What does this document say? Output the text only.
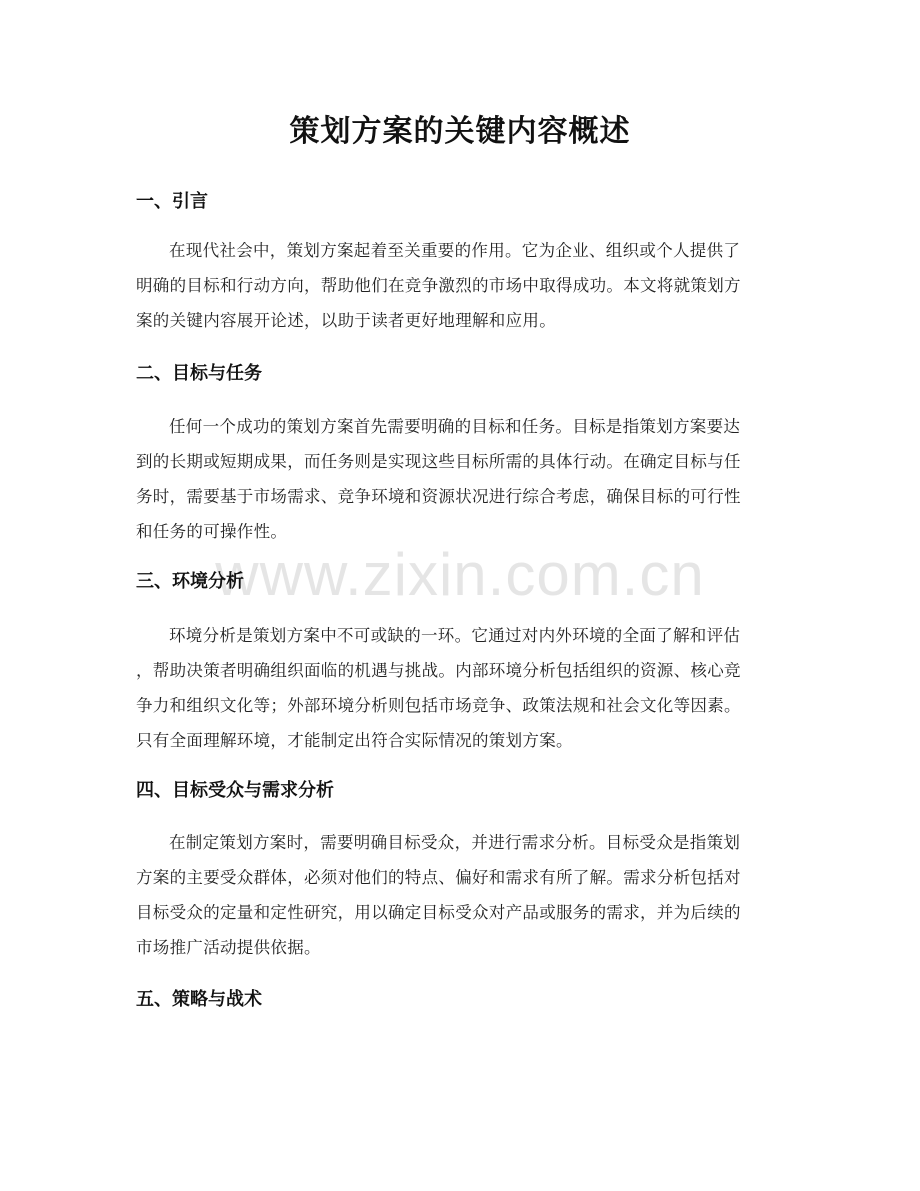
www.zixin.com.cn
策划方案的关键内容概述
一、引言
在现代社会中，策划方案起着至关重要的作用。它为企业、组织或个人提供了
明确的目标和行动方向，帮助他们在竞争激烈的市场中取得成功。本文将就策划方
案的关键内容展开论述，以助于读者更好地理解和应用。
二、目标与任务
任何一个成功的策划方案首先需要明确的目标和任务。目标是指策划方案要达
到的长期或短期成果，而任务则是实现这些目标所需的具体行动。在确定目标与任
务时，需要基于市场需求、竞争环境和资源状况进行综合考虑，确保目标的可行性
和任务的可操作性。
三、环境分析
环境分析是策划方案中不可或缺的一环。它通过对内外环境的全面了解和评估
，帮助决策者明确组织面临的机遇与挑战。内部环境分析包括组织的资源、核心竞
争力和组织文化等；外部环境分析则包括市场竞争、政策法规和社会文化等因素。
只有全面理解环境，才能制定出符合实际情况的策划方案。
四、目标受众与需求分析
在制定策划方案时，需要明确目标受众，并进行需求分析。目标受众是指策划
方案的主要受众群体，必须对他们的特点、偏好和需求有所了解。需求分析包括对
目标受众的定量和定性研究，用以确定目标受众对产品或服务的需求，并为后续的
市场推广活动提供依据。
五、策略与战术
